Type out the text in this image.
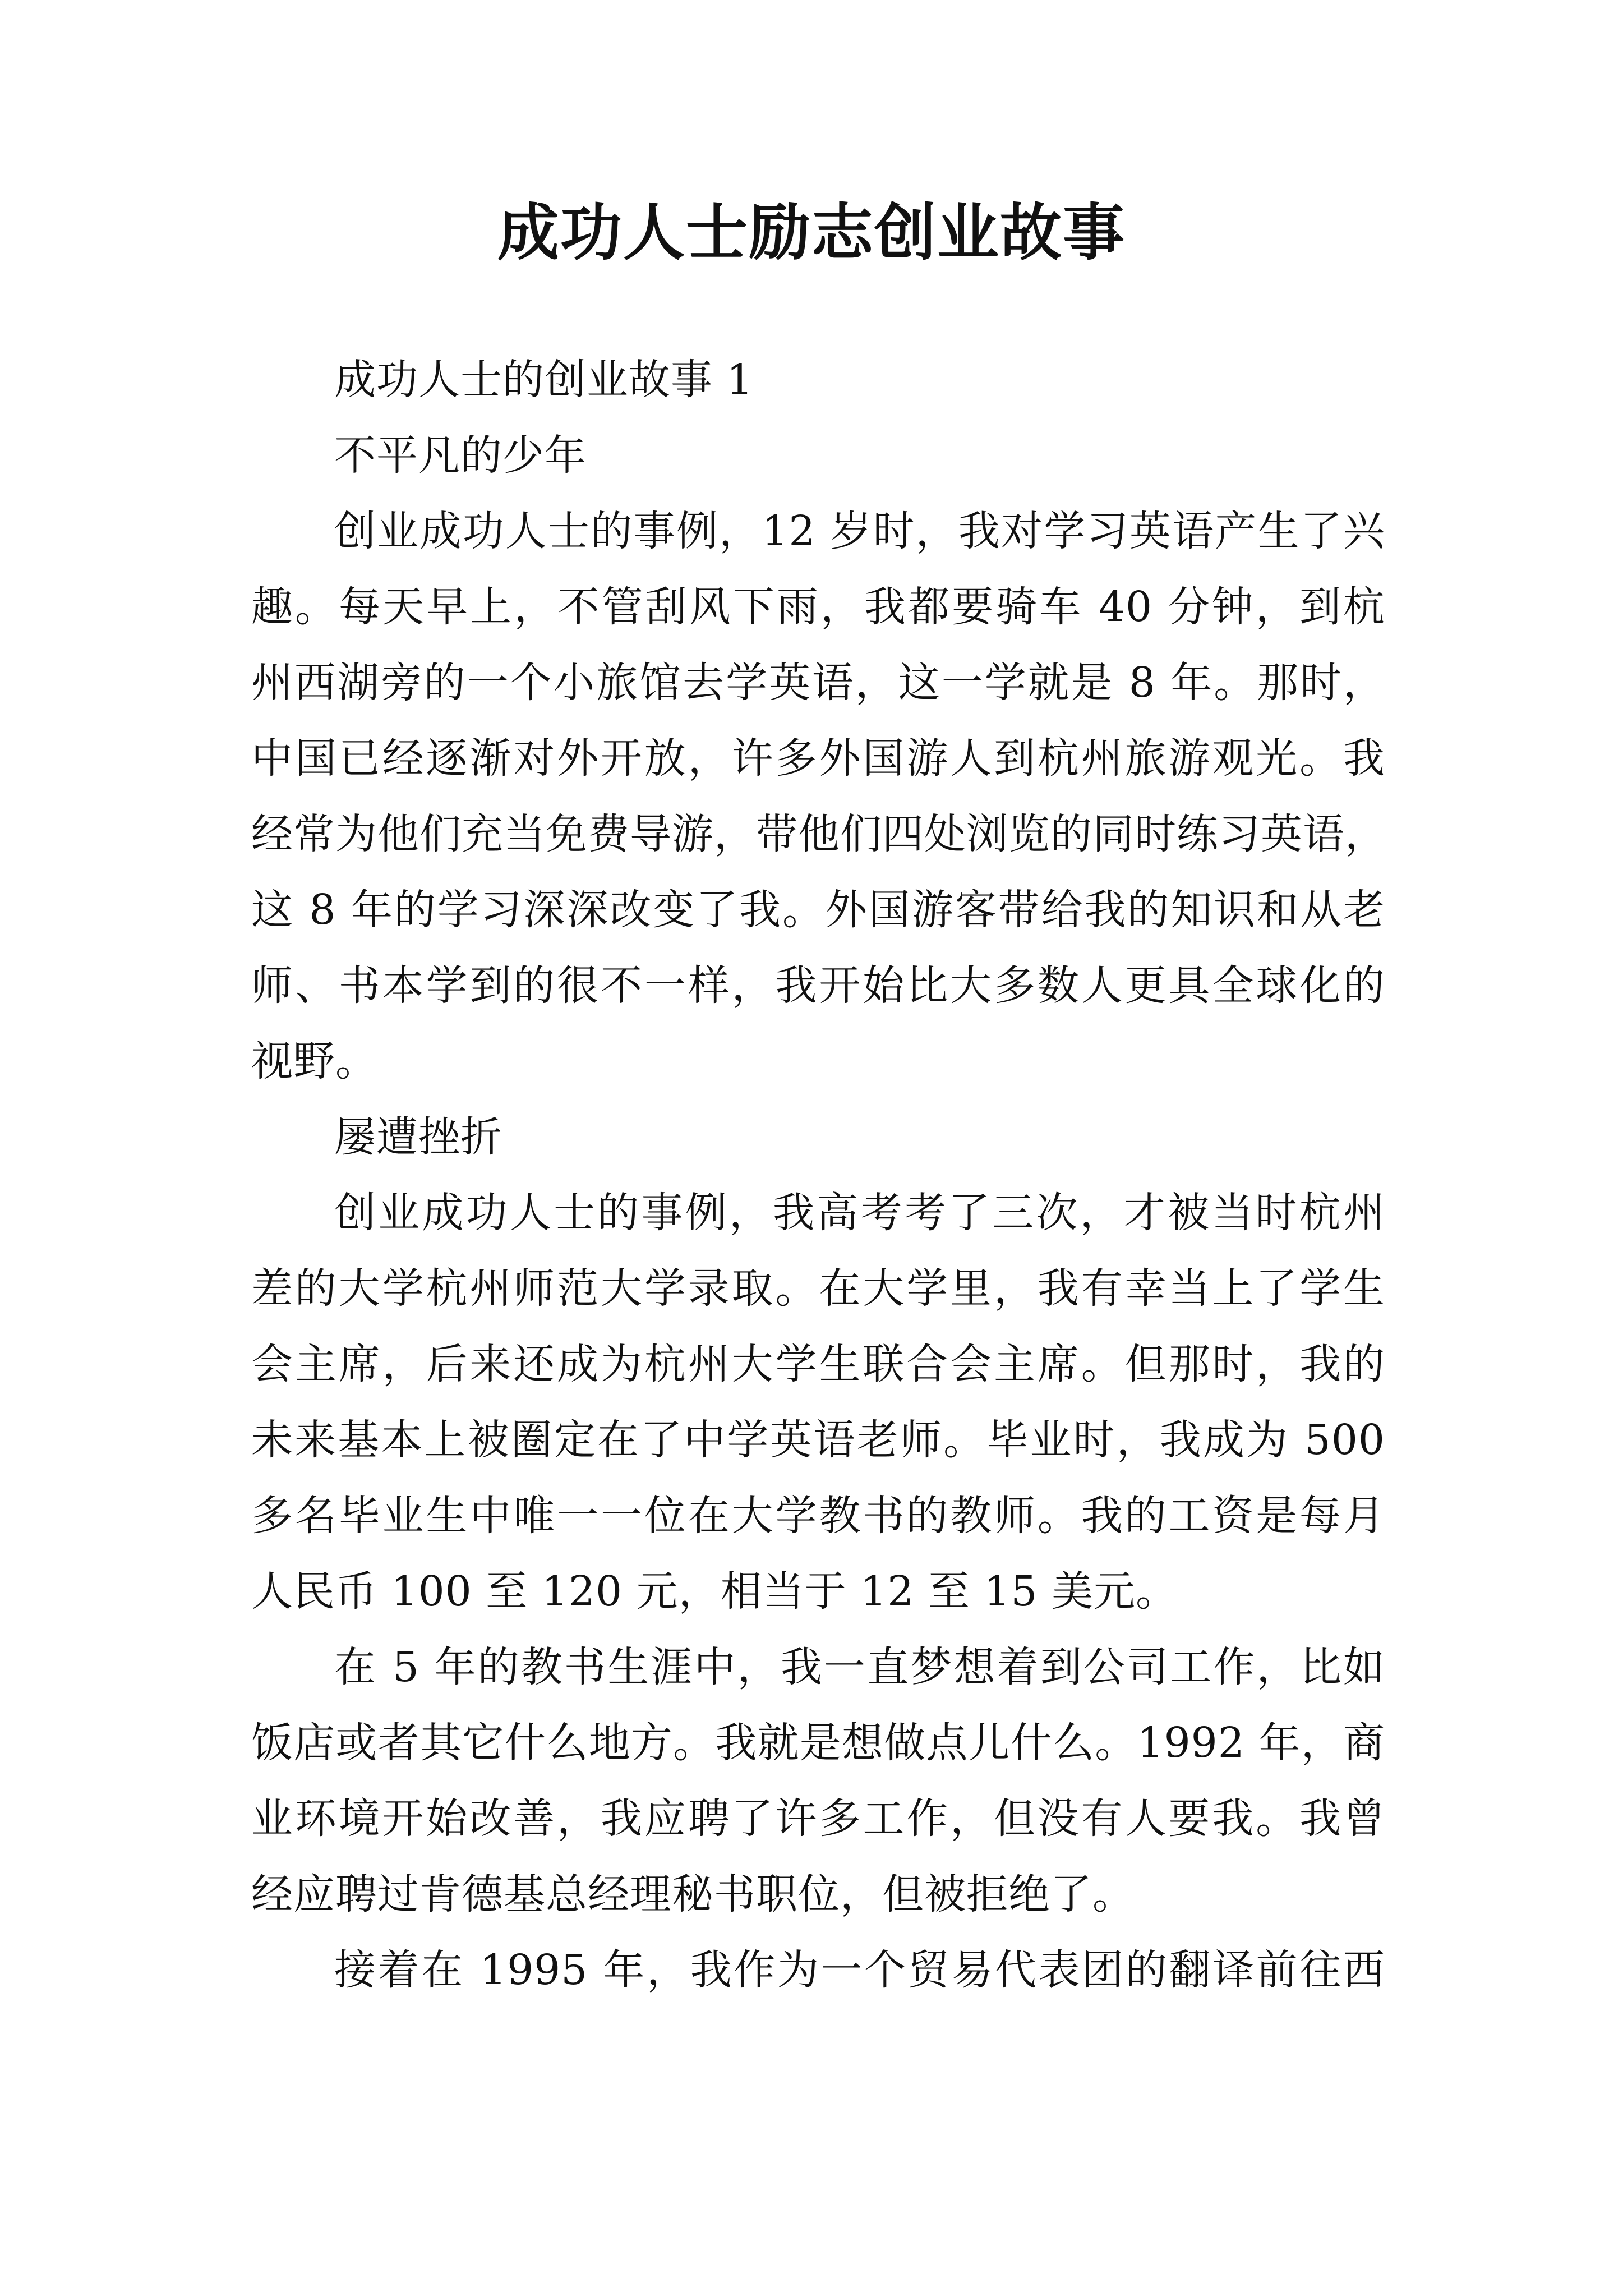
成功人士励志创业故事
成功人士的创业故事 1
不平凡的少年
创业成功人士的事例，12 岁时，我对学习英语产生了兴
趣。每天早上，不管刮风下雨，我都要骑车 40 分钟，到杭
州西湖旁的一个小旅馆去学英语，这一学就是 8 年。那时，
中国已经逐渐对外开放，许多外国游人到杭州旅游观光。我
经常为他们充当免费导游，带他们四处浏览的同时练习英语，
这 8 年的学习深深改变了我。外国游客带给我的知识和从老
师、书本学到的很不一样，我开始比大多数人更具全球化的
视野。
屡遭挫折
创业成功人士的事例，我高考考了三次，才被当时杭州
差的大学杭州师范大学录取。在大学里，我有幸当上了学生
会主席，后来还成为杭州大学生联合会主席。但那时，我的
未来基本上被圈定在了中学英语老师。毕业时，我成为 500
多名毕业生中唯一一位在大学教书的教师。我的工资是每月
人民币 100 至 120 元，相当于 12 至 15 美元。
在 5 年的教书生涯中，我一直梦想着到公司工作，比如
饭店或者其它什么地方。我就是想做点儿什么。1992 年，商
业环境开始改善，我应聘了许多工作，但没有人要我。我曾
经应聘过肯德基总经理秘书职位，但被拒绝了。
接着在 1995 年，我作为一个贸易代表团的翻译前往西
